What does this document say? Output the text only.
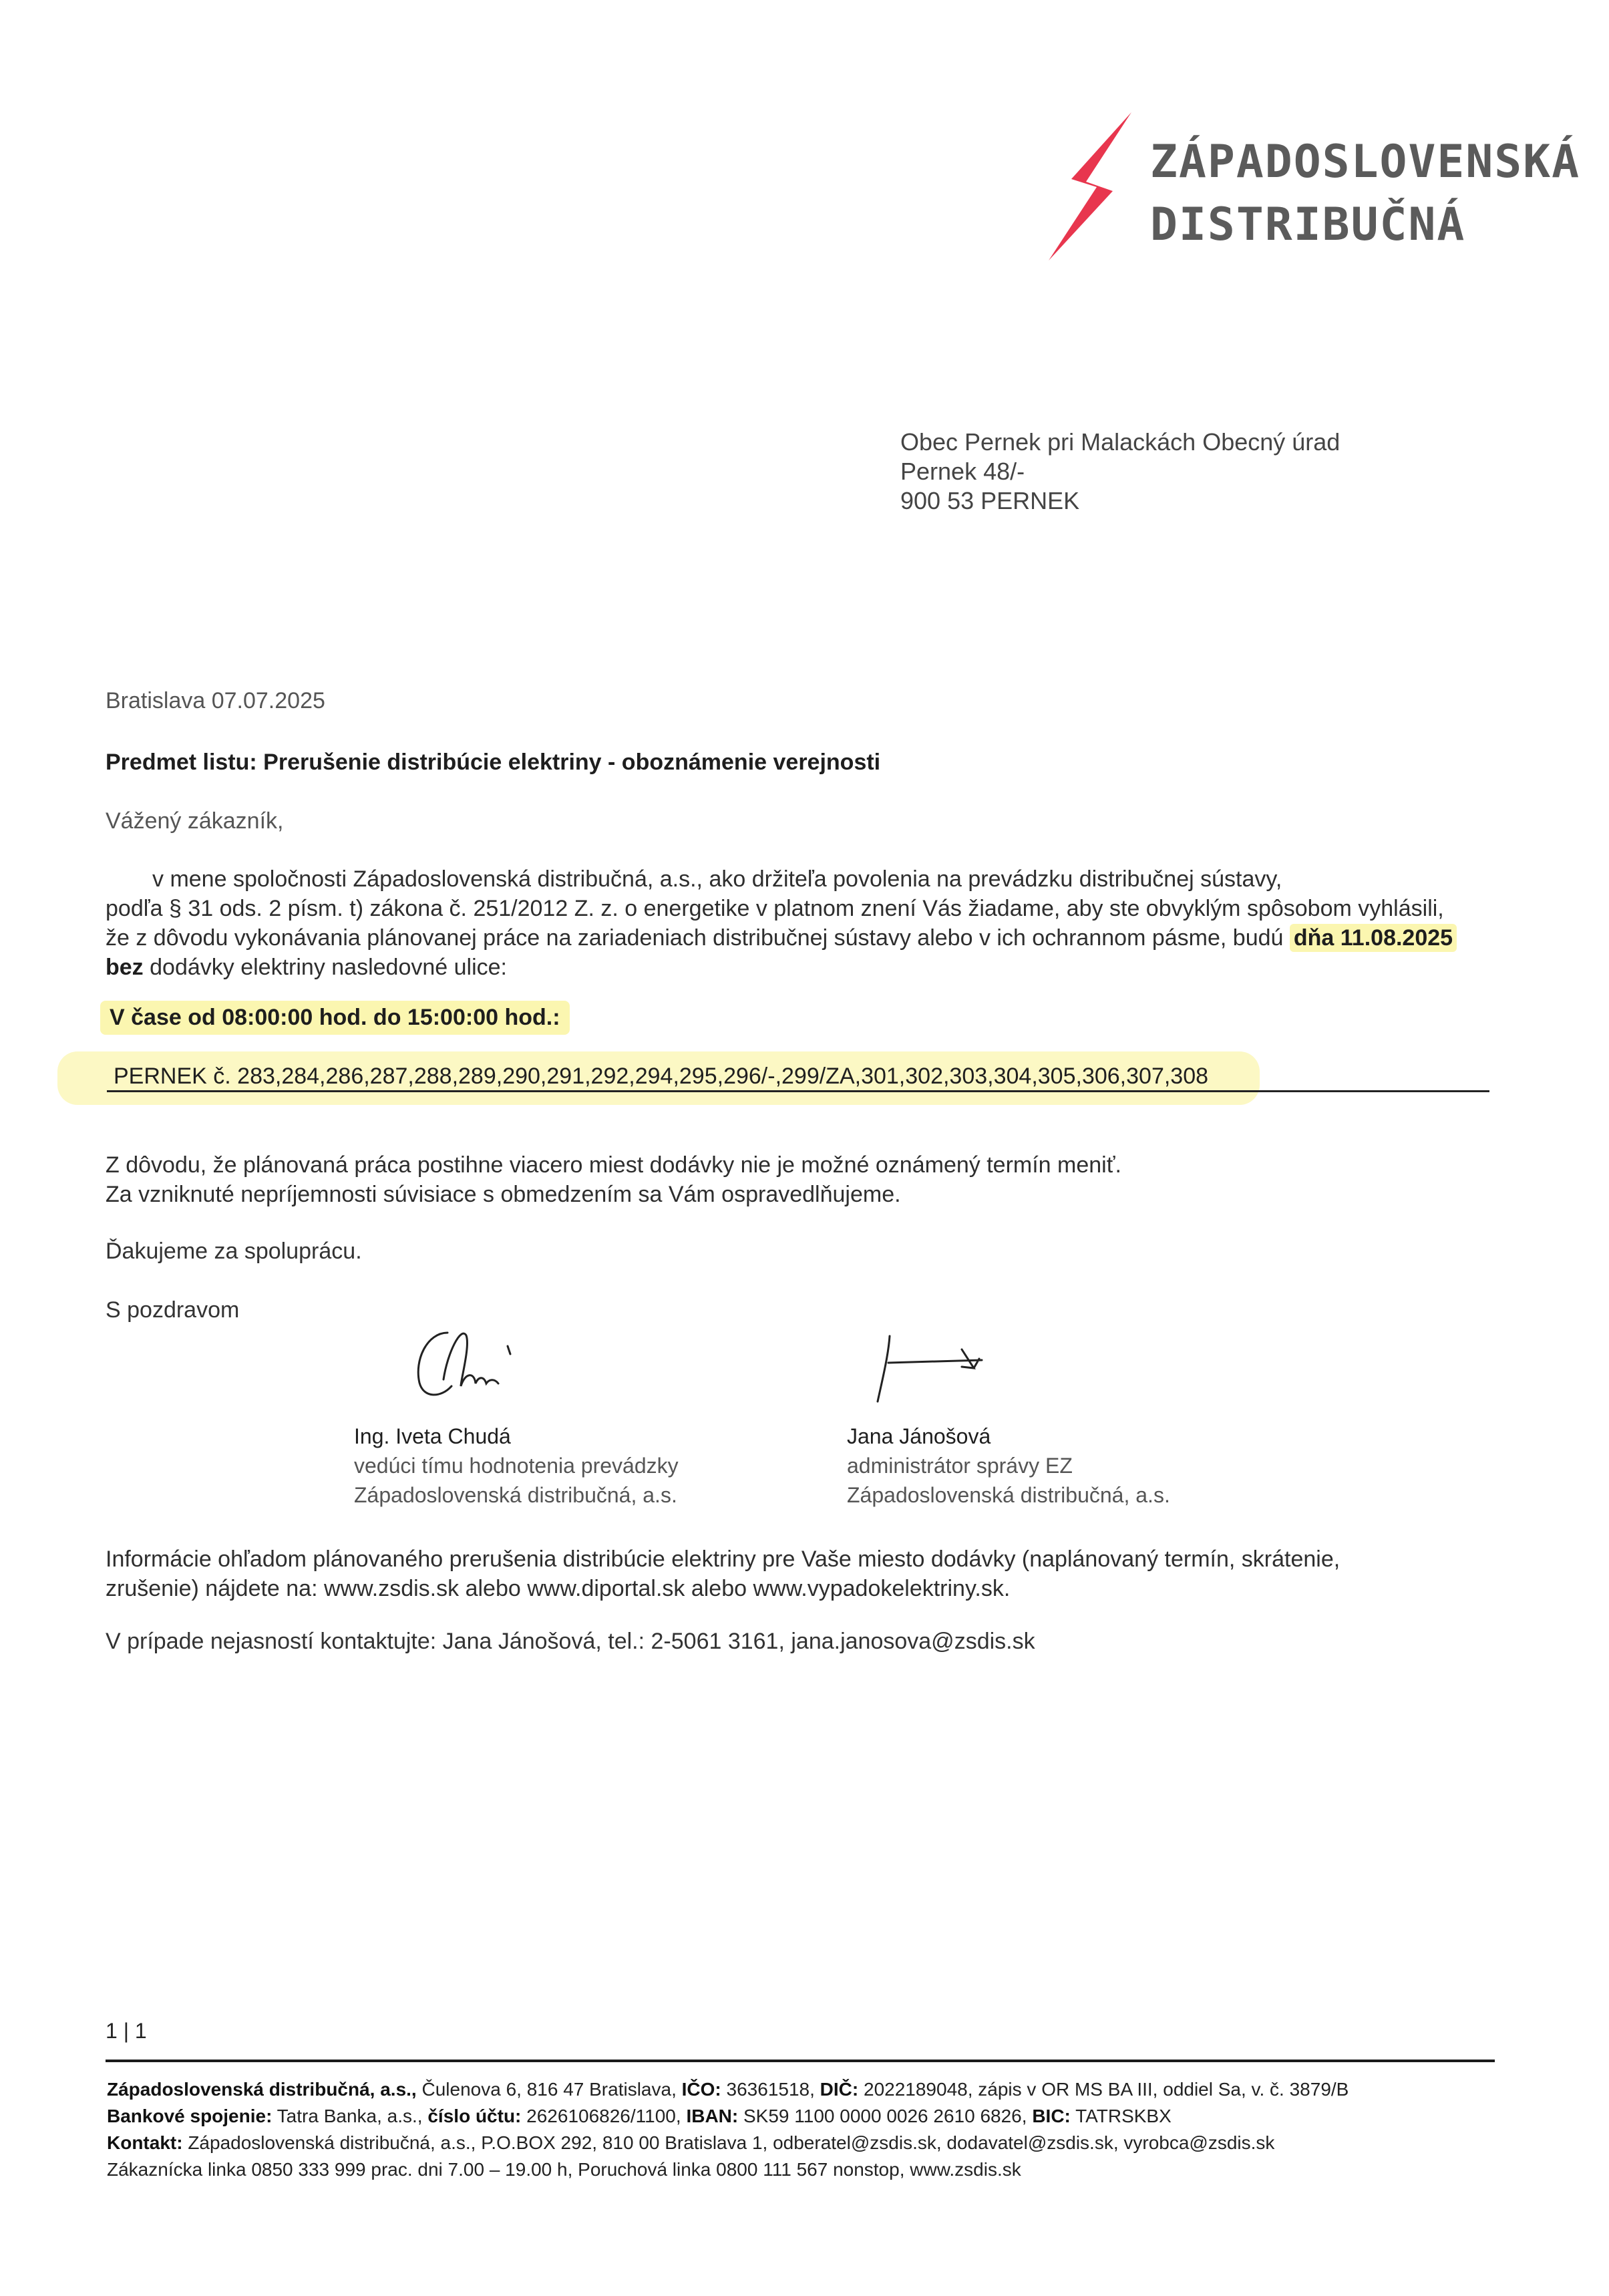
ZÁPADOSLOVENSKÁ
DISTRIBUČNÁ
Obec Pernek pri Malackách Obecný úrad
Pernek 48/-
900 53 PERNEK
Bratislava 07.07.2025
Predmet listu: Prerušenie distribúcie elektriny - oboznámenie verejnosti
Vážený zákazník,
v mene spoločnosti Západoslovenská distribučná, a.s., ako držiteľa povolenia na prevádzku distribučnej sústavy,
podľa § 31 ods. 2 písm. t) zákona č. 251/2012 Z. z. o energetike v platnom znení Vás žiadame, aby ste obvyklým spôsobom vyhlásili,
že z dôvodu vykonávania plánovanej práce na zariadeniach distribučnej sústavy alebo v ich ochrannom pásme, budú dňa 11.08.2025
bez dodávky elektriny nasledovné ulice:
V čase od 08:00:00 hod. do 15:00:00 hod.:
PERNEK č. 283,284,286,287,288,289,290,291,292,294,295,296/-,299/ZA,301,302,303,304,305,306,307,308
Z dôvodu, že plánovaná práca postihne viacero miest dodávky nie je možné oznámený termín meniť.
Za vzniknuté nepríjemnosti súvisiace s obmedzením sa Vám ospravedlňujeme.
Ďakujeme za spoluprácu.
S pozdravom
Ing. Iveta Chudá
vedúci tímu hodnotenia prevádzky
Západoslovenská distribučná, a.s.
Jana Jánošová
administrátor správy EZ
Západoslovenská distribučná, a.s.
Informácie ohľadom plánovaného prerušenia distribúcie elektriny pre Vaše miesto dodávky (naplánovaný termín, skrátenie,
zrušenie) nájdete na: www.zsdis.sk alebo www.diportal.sk alebo www.vypadokelektriny.sk.
V prípade nejasností kontaktujte: Jana Jánošová, tel.: 2-5061 3161, jana.janosova@zsdis.sk
1 | 1
Západoslovenská distribučná, a.s., Čulenova 6, 816 47 Bratislava, IČO: 36361518, DIČ: 2022189048, zápis v OR MS BA III, oddiel Sa, v. č. 3879/B
Bankové spojenie: Tatra Banka, a.s., číslo účtu: 2626106826/1100, IBAN: SK59 1100 0000 0026 2610 6826, BIC: TATRSKBX
Kontakt: Západoslovenská distribučná, a.s., P.O.BOX 292, 810 00 Bratislava 1, odberatel@zsdis.sk, dodavatel@zsdis.sk, vyrobca@zsdis.sk
Zákaznícka linka 0850 333 999 prac. dni 7.00 – 19.00 h, Poruchová linka 0800 111 567 nonstop, www.zsdis.sk
